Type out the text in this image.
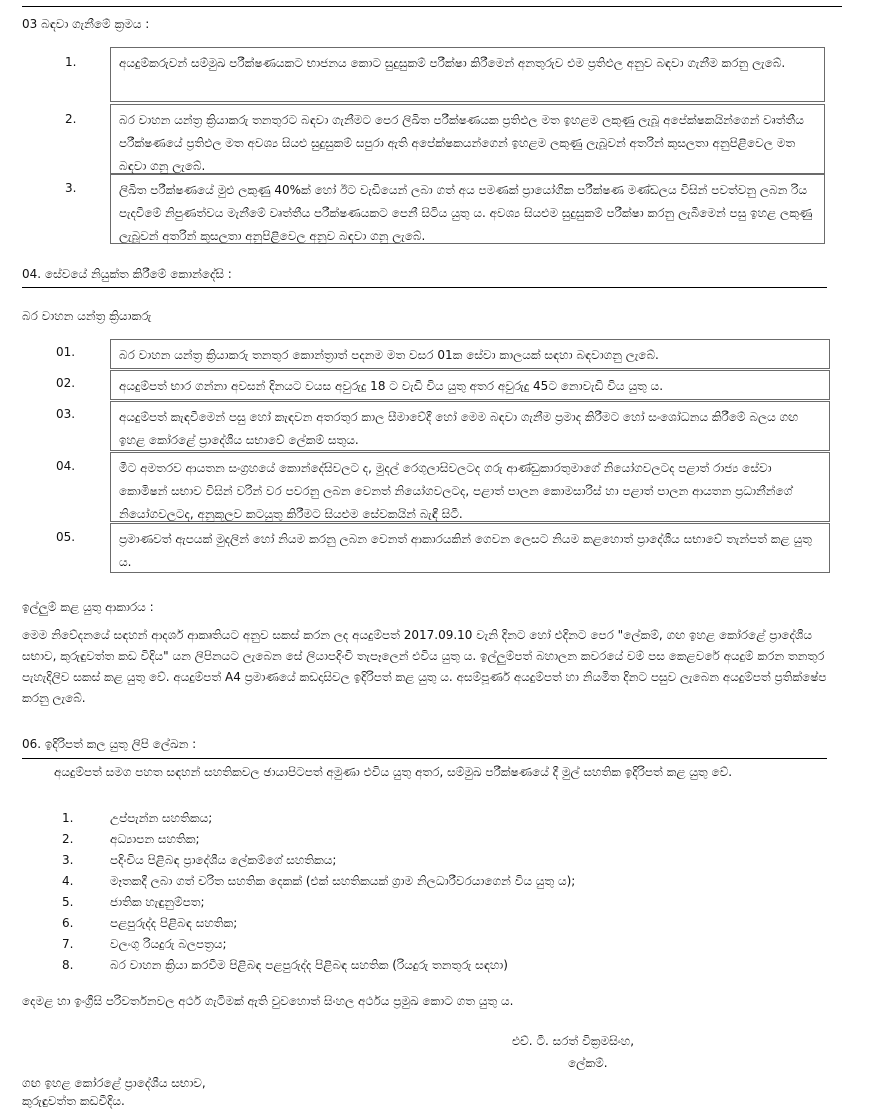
03 බඳවා ගැනීමේ ක්‍රමය :
1.	අයදුම්කරුවන් සම්මුඛ පරීක්ෂණයකට භාජනය කොට සුදුසුකම් පරීක්ෂා කිරීමෙන් අනතුරුව එම ප්‍රතිඵල අනුව බඳවා ගැනීම කරනු ලැබේ.
2.	බර වාහන යන්ත්‍ර ක්‍රියාකරු තනතුරට බඳවා ගැනීමට පෙර ලිඛිත පරීක්ෂණයක ප්‍රතිඵල මත ඉහළම ලකුණු ලැබූ අපේක්ෂකයින්ගෙන් වෘත්තීය පරීක්ෂණයේ ප්‍රතිඵල මත අවශ්‍ය සියළු සුදුසුකම් සපුරා ඇති අපේක්ෂකයන්ගෙන් ඉහළම ලකුණු ලැබූවන් අතරින් කුසලතා අනුපිළිවෙල මත බඳවා ගනු ලැබේ.
3.	ලිඛිත පරීක්ෂණයේ මුළු ලකුණු 40%ක් හෝ ඊට වැඩියෙන් ලබා ගත් අය පමණක් ප්‍රායෝගික පරීක්ෂණ මණ්ඩලය විසින් පවත්වනු ලබන රිය පැදවීමේ නිපුණත්වය මැනීමේ වෘත්තීය පරීක්ෂණයකට පෙනී සිටිය යුතු ය. අවශ්‍ය සියළුම සුදුසුකම් පරීක්ෂා කරනු ලැබීමෙන් පසු ඉහළ ලකුණු ලැබූවන් අතරින් කුසලතා අනුපිළිවෙල අනුව බඳවා ගනු ලැබේ.
04. සේවයේ නියුක්ත කිරීමේ කොන්දේසි :
බර වාහන යන්ත්‍ර ක්‍රියාකරු
01.	බර වාහන යන්ත්‍ර ක්‍රියාකරු තනතුර කොන්ත්‍රාත් පදනම මත වසර 01ක සේවා කාලයක් සඳහා බඳවාගනු ලැබේ.
02.	අයදුම්පත් භාර ගන්නා අවසන් දිනයට වයස අවුරුදු 18 ට වැඩි විය යුතු අතර අවුරුදු 45ට නොවැඩි විය යුතු ය.
03.	අයදුම්පත් කැඳවීමෙන් පසු හෝ කැඳවන අතරතුර කාල සීමාවේදී හෝ මෙම බඳවා ගැනීම ප්‍රමාද කිරීමට හෝ සංශෝධනය කිරීමේ බලය ගඟ ඉහළ කෝරළේ ප්‍රාදේශීය සභාවේ ලේකම් සතුය.
04.	මීට අමතරව ආයතන සංග්‍රහයේ කොන්දේසිවලට ද, මුදල් රෙගුලාසිවලටද ගරු ආණ්ඩුකාරතුමාගේ නියෝගවලටද පළාත් රාජ්‍ය සේවා කොමිෂන් සභාව විසින් වරින් වර පවරනු ලබන වෙනත් නියෝගවලටද, පළාත් පාලන කොමසාරිස් හා පළාත් පාලන ආයතන ප්‍රධානීන්ගේ නියෝගවලටද, අනුකූලව කටයුතු කිරීමට සියළුම සේවකයින් බැඳී සිටී.
05.	ප්‍රමාණවත් ඇපයක් මුදලින් හෝ නියම කරනු ලබන වෙනත් ආකාරයකින් ගෙවන ලෙසට නියම කළහොත් ප්‍රාදේශීය සභාවේ තැන්පත් කළ යුතු ය.
ඉල්ලුම් කළ යුතු ආකාරය :
මෙම නිවේදනයේ සඳහන් ආදර්ශ ආකෘතියට අනුව සකස් කරන ලද අයදුම්පත් 2017.09.10 වැනි දිනට හෝ එදිනට පෙර "ලේකම්, ගඟ ඉහළ කෝරළේ ප්‍රාදේශීය සභාව, කුරුඳුවත්ත කඩ විදිය" යන ලිපිනයට ලැබෙන සේ ලියාපදිංචි තැපෑලෙන් එවිය යුතු ය. ඉල්ලුම්පත් බහාලන කවරයේ වම් පස කෙළවරේ අයදුම් කරන තනතුර පැහැදිලිව සකස් කළ යුතු වේ. අයදුම්පත් A4 ප්‍රමාණයේ කඩදාසිවල ඉදිරිපත් කළ යුතු ය. අසම්පූර්ණ අයදුම්පත් හා නියමිත දිනට පසුව ලැබෙන අයදුම්පත් ප්‍රතික්ෂේප කරනු ලැබේ.
06. ඉදිරිපත් කල යුතු ලිපි ලේඛන :
අයදුම්පත් සමග පහත සඳහන් සහතිකවල ඡායාපිටපත් අමුණා එවිය යුතු අතර, සම්මුඛ පරීක්ෂණයේ දී මුල් සහතික ඉදිරිපත් කළ යුතු වේ.
1.	උප්පැන්න සහතිකය;
2.	අධ්‍යාපන සහතික;
3.	පදිංචිය පිළිබඳ ප්‍රාදේශීය ලේකම්ගේ සහතිකය;
4.	මෑතකදී ලබා ගත් චරිත සහතික දෙකක් (එක් සහතිකයක් ග්‍රාම නිලධාරීවරයාගෙන් විය යුතු ය);
5.	ජාතික හැඳුනුම්පත;
6.	පළපුරුද්ද පිළිබඳ සහතික;
7.	වලංගු රියදුරු බලපත්‍රය;
8.	බර වාහන ක්‍රියා කරවීම පිළිබඳ පළපුරුද්ද පිළිබඳ සහතික (රියදුරු තනතුරු සඳහා)
දෙමළ හා ඉංග්‍රීසි පරිවර්තනවල අර්ථ ගැටීමක් ඇති වුවහොත් සිංහල අර්ථය ප්‍රමුඛ කොට ගත යුතු ය.
එච්. ටී. සරත් වික්‍රමසිංහ,
ලේකම්.
ගඟ ඉහළ කෝරළේ ප්‍රාදේශීය සභාව,
කුරුඳුවත්ත කඩවීදිය.
